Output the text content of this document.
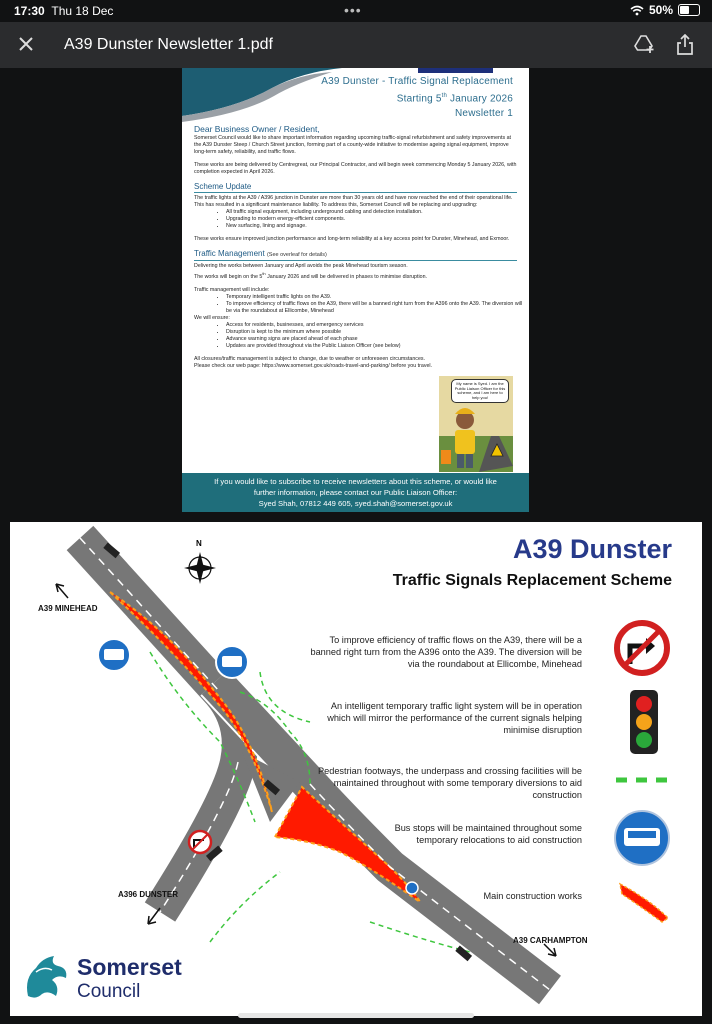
17:30 Thu 18 Dec	•••	50%
A39 Dunster Newsletter 1.pdf
A39 Dunster - Traffic Signal Replacement
Starting 5th January 2026
Newsletter 1
Dear Business Owner / Resident,

Somerset Council would like to share important information regarding upcoming traffic-signal refurbishment and safety improvements at the A39 Dunster Steep / Church Street junction, forming part of a county-wide initiative to modernise ageing signal equipment, improve long-term safety, reliability, and traffic flows.

These works are being delivered by Centregreat, our Principal Contractor, and will begin week commencing Monday 5 January 2026, with completion expected in April 2026.

Scheme Update
The traffic lights at the A39 / A396 junction in Dunster are more than 30 years old and have now reached the end of their operational life. This has resulted in a significant maintenance liability. To address this, Somerset Council will be replacing and upgrading:
• All traffic signal equipment, including underground cabling and detection installation.
• Upgrading to modern energy-efficient components.
• New surfacing, lining and signage.

These works ensure improved junction performance and long-term reliability at a key access point for Dunster, Minehead, and Exmoor.

Traffic Management (See overleaf for details)
Delivering the works between January and April avoids the peak Minehead tourism season.

The works will begin on the 5th January 2026 and will be delivered in phases to minimise disruption.

Traffic management will include:
• Temporary intelligent traffic lights on the A39.
• To improve efficiency of traffic flows on the A39, there will be a banned right turn from the A396 onto the A39. The diversion will be via the roundabout at Ellicombe, Minehead
We will ensure:
• Access for residents, businesses, and emergency services
• Disruption is kept to the minimum where possible
• Advance warning signs are placed ahead of each phase
• Updates are provided throughout via the Public Liaison Officer (see below)
All closures/traffic management is subject to change, due to weather or unforeseen circumstances.
Please check our web page: https://www.somerset.gov.uk/roads-travel-and-parking/ before you travel.
My name is Syed. I am the Public Liaison Officer for this scheme, and I am here to help you!
If you would like to subscribe to receive newsletters about this scheme, or would like
further information, please contact our Public Liaison Officer:
Syed Shah, 07812 449 605, syed.shah@somerset.gov.uk
A39 Dunster
Traffic Signals Replacement Scheme
To improve efficiency of traffic flows on the A39, there will be a banned right turn from the A396 onto the A39. The diversion will be via the roundabout at Ellicombe, Minehead
An intelligent temporary traffic light system will be in operation which will mirror the performance of the current signals helping minimise disruption
Pedestrian footways, the underpass and crossing facilities will be maintained throughout with some temporary diversions to aid construction
Bus stops will be maintained throughout some temporary relocations to aid construction
Main construction works
N
A39 MINEHEAD
A396 DUNSTER
A39 CARHAMPTON
Somerset
Council
